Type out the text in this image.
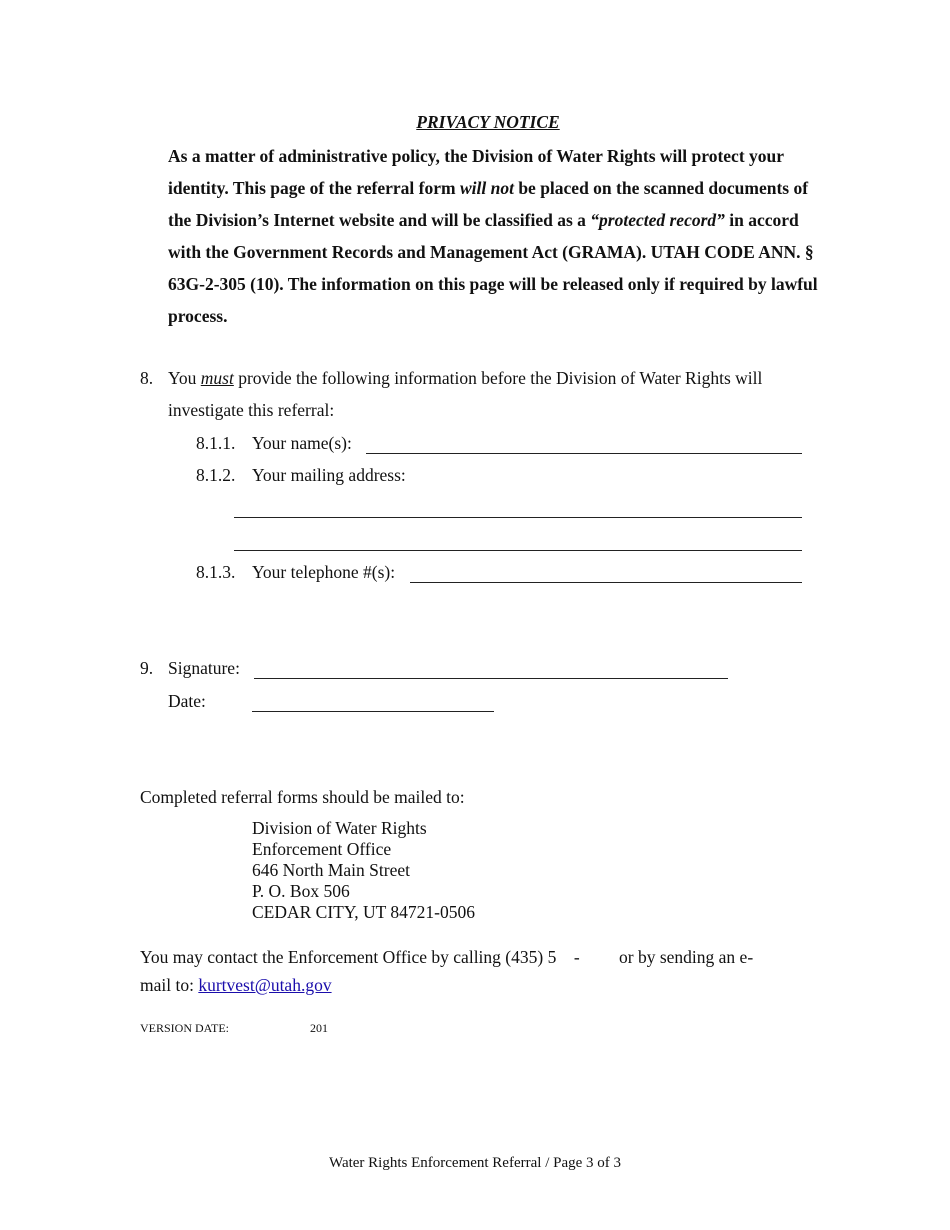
PRIVACY NOTICE
As a matter of administrative policy, the Division of Water Rights will protect your identity. This page of the referral form will not be placed on the scanned documents of the Division’s Internet website and will be classified as a “protected record” in accord with the Government Records and Management Act (GRAMA). UTAH CODE ANN. § 63G-2-305 (10). The information on this page will be released only if required by lawful process.
8. You must provide the following information before the Division of Water Rights will
investigate this referral:
8.1.1. Your name(s):
8.1.2. Your mailing address:
8.1.3. Your telephone #(s):
9. Signature:
Date:
Completed referral forms should be mailed to:
Division of Water Rights
Enforcement Office
646 North Main Street
P. O. Box 506
CEDAR CITY, UT 84721-0506
You may contact the Enforcement Office by calling (435) 5    -         or by sending an e-
mail to: kurtvest@utah.gov
VERSION DATE:	201
Water Rights Enforcement Referral / Page 3 of 3
